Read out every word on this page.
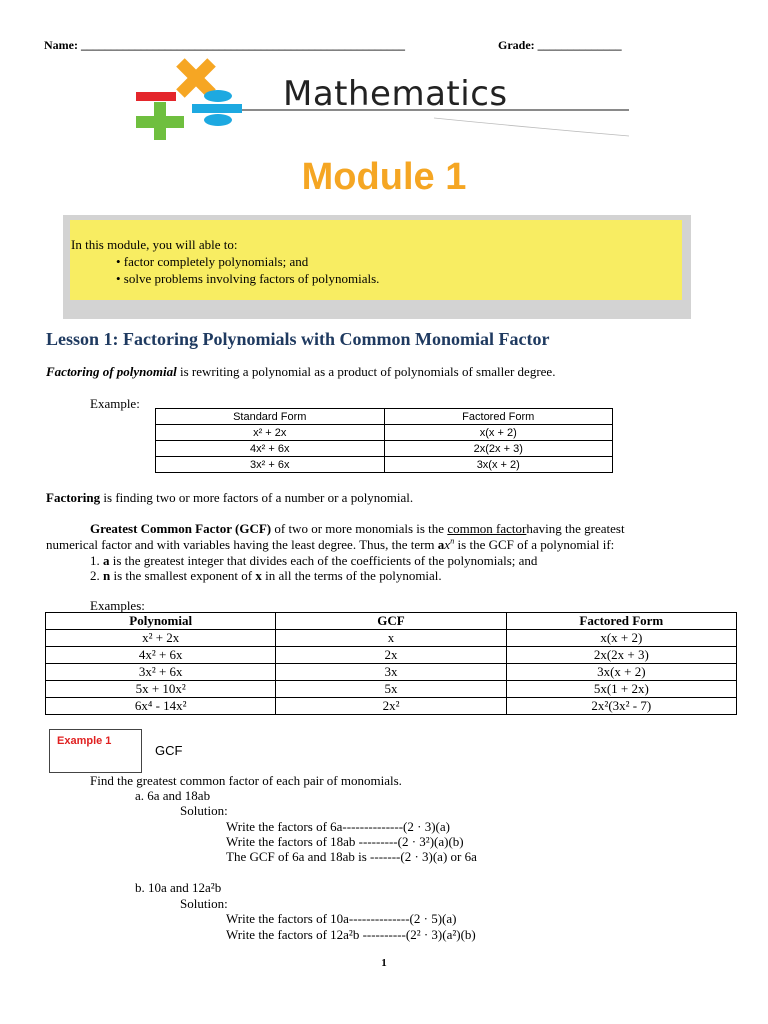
Name: ______________________________________________________	Grade: ______________
Mathematics
Module 1
In this module, you will able to:
• factor completely polynomials; and
• solve problems involving factors of polynomials.
Lesson 1: Factoring Polynomials with Common Monomial Factor
Factoring of polynomial is rewriting a polynomial as a product of polynomials of smaller degree.
Example:
Standard Form	Factored Form
x² + 2x	x(x + 2)
4x² + 6x	2x(2x + 3)
3x² + 6x	3x(x + 2)
Factoring is finding two or more factors of a number or a polynomial.
Greatest Common Factor (GCF) of two or more monomials is the common factorhaving the greatest
numerical factor and with variables having the least degree. Thus, the term $ax^n$ is the GCF of a polynomial if:
1. a is the greatest integer that divides each of the coefficients of the polynomials; and
2. n is the smallest exponent of x in all the terms of the polynomial.
Examples:
Polynomial	GCF	Factored Form
x² + 2x	x	x(x + 2)
4x² + 6x	2x	2x(2x + 3)
3x² + 6x	3x	3x(x + 2)
5x + 10x²	5x	5x(1 + 2x)
6x⁴ - 14x²	2x²	2x²(3x² - 7)
Example 1
GCF
Find the greatest common factor of each pair of monomials.
a. 6a and 18ab
Solution:
Write the factors of 6a--------------(2 · 3)(a)
Write the factors of 18ab ---------(2 · 3²)(a)(b)
The GCF of 6a and 18ab is -------(2 · 3)(a) or 6a
b. 10a and 12a²b
Solution:
Write the factors of 10a--------------(2 · 5)(a)
Write the factors of 12a²b ----------(2² · 3)(a²)(b)
1
